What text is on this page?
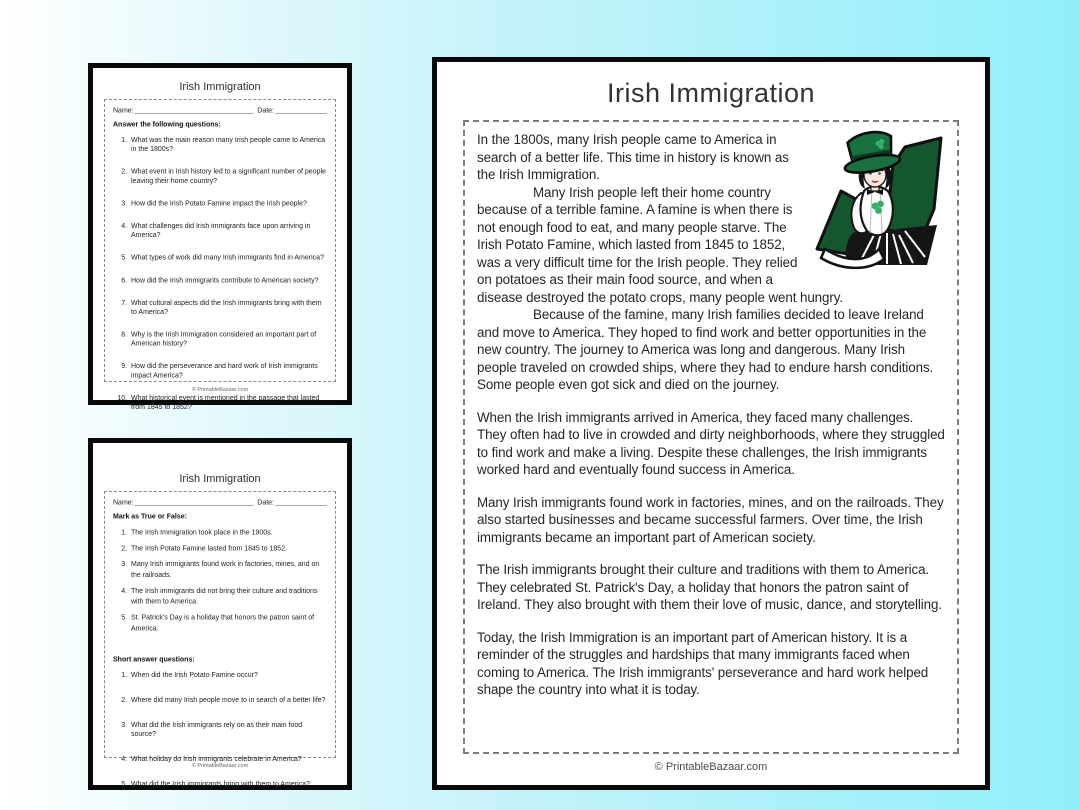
Irish Immigration
Name:	Date:
Answer the following questions:
1. What was the main reason many Irish people came to America in the 1800s?
2. What event in Irish history led to a significant number of people leaving their home country?
3. How did the Irish Potato Famine impact the Irish people?
4. What challenges did Irish immigrants face upon arriving in America?
5. What types of work did many Irish immigrants find in America?
6. How did the Irish immigrants contribute to American society?
7. What cultural aspects did the Irish immigrants bring with them to America?
8. Why is the Irish Immigration considered an important part of American history?
9. How did the perseverance and hard work of Irish immigrants impact America?
10. What historical event is mentioned in the passage that lasted from 1845 to 1852?
© PrintableBazaar.com
Irish Immigration
Name:	Date:
Mark as True or False:
1. The Irish Immigration took place in the 1900s.
2. The Irish Potato Famine lasted from 1845 to 1852.
3. Many Irish immigrants found work in factories, mines, and on the railroads.
4. The Irish immigrants did not bring their culture and traditions with them to America.
5. St. Patrick's Day is a holiday that honors the patron saint of America.
Short answer questions:
1. When did the Irish Potato Famine occur?
2. Where did many Irish people move to in search of a better life?
3. What did the Irish immigrants rely on as their main food source?
4. What holiday do Irish immigrants celebrate in America?
5. What did the Irish immigrants bring with them to America?
© PrintableBazaar.com
Irish Immigration

In the 1800s, many Irish people came to America in search of a better life. This time in history is known as the Irish Immigration.

Many Irish people left their home country because of a terrible famine. A famine is when there is not enough food to eat, and many people starve. The Irish Potato Famine, which lasted from 1845 to 1852, was a very difficult time for the Irish people. They relied on potatoes as their main food source, and when a disease destroyed the potato crops, many people went hungry.

Because of the famine, many Irish families decided to leave Ireland and move to America. They hoped to find work and better opportunities in the new country. The journey to America was long and dangerous. Many Irish people traveled on crowded ships, where they had to endure harsh conditions. Some people even got sick and died on the journey.

When the Irish immigrants arrived in America, they faced many challenges. They often had to live in crowded and dirty neighborhoods, where they struggled to find work and make a living. Despite these challenges, the Irish immigrants worked hard and eventually found success in America.

Many Irish immigrants found work in factories, mines, and on the railroads. They also started businesses and became successful farmers. Over time, the Irish immigrants became an important part of American society.

The Irish immigrants brought their culture and traditions with them to America. They celebrated St. Patrick's Day, a holiday that honors the patron saint of Ireland. They also brought with them their love of music, dance, and storytelling.

Today, the Irish Immigration is an important part of American history. It is a reminder of the struggles and hardships that many immigrants faced when coming to America. The Irish immigrants' perseverance and hard work helped shape the country into what it is today.

© PrintableBazaar.com
